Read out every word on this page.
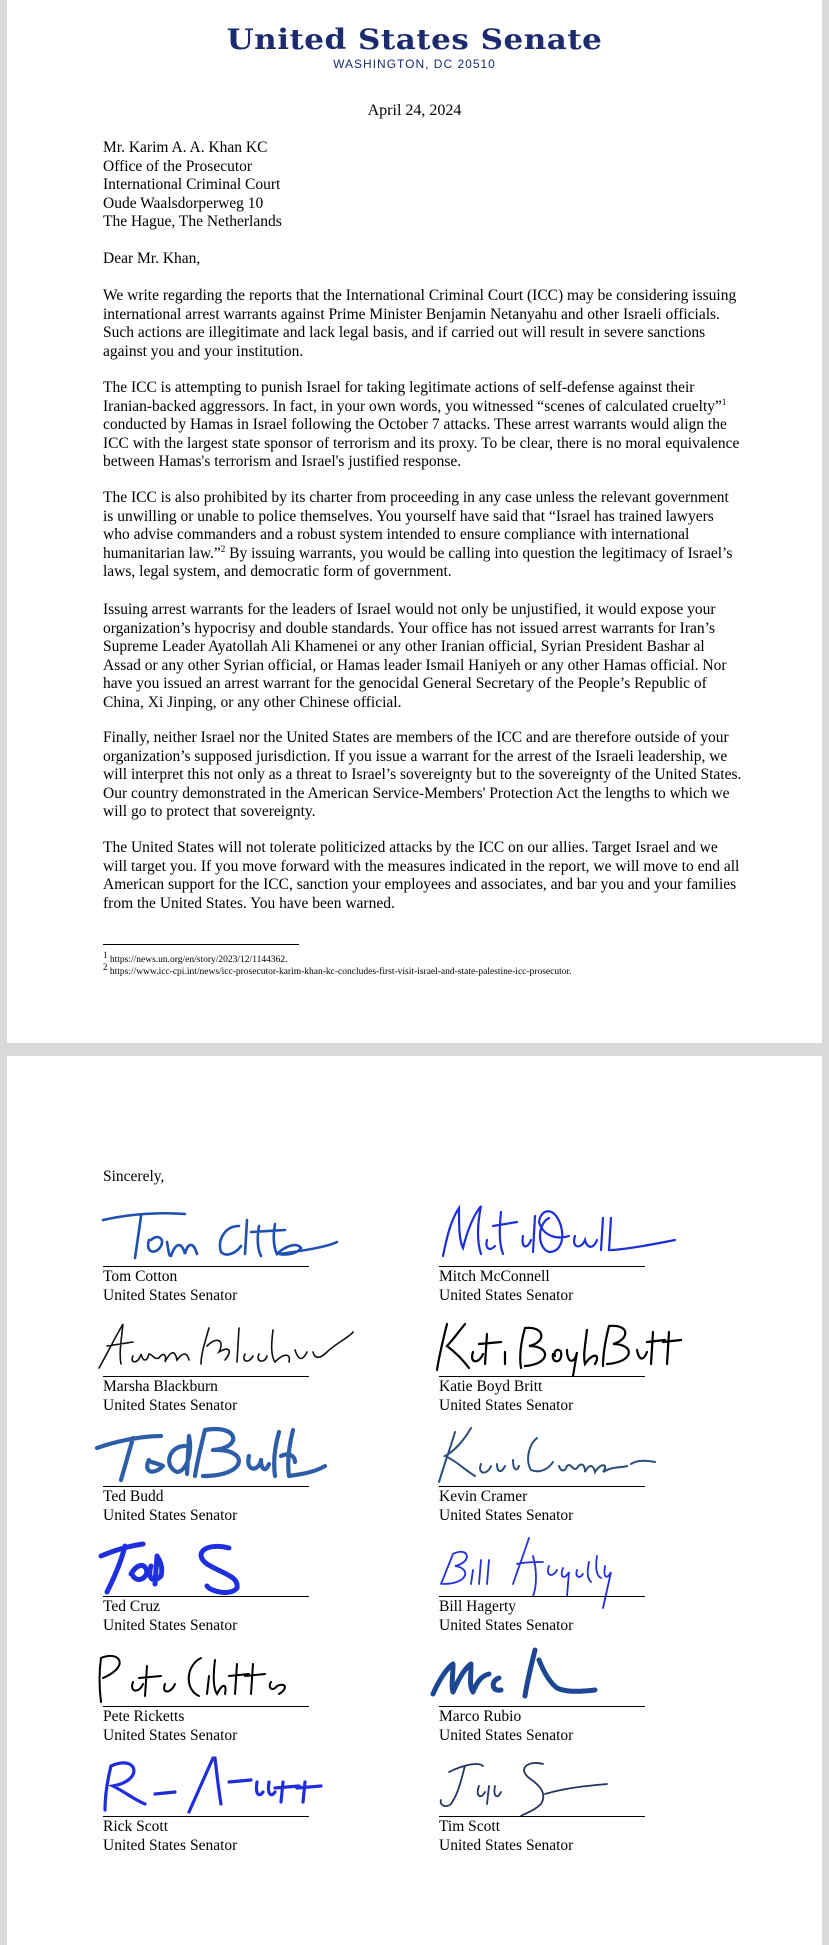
United States Senate
WASHINGTON, DC 20510
April 24, 2024
Mr. Karim A. A. Khan KC
Office of the Prosecutor
International Criminal Court
Oude Waalsdorperweg 10
The Hague, The Netherlands
Dear Mr. Khan,
We write regarding the reports that the International Criminal Court (ICC) may be considering issuing international arrest warrants against Prime Minister Benjamin Netanyahu and other Israeli officials. Such actions are illegitimate and lack legal basis, and if carried out will result in severe sanctions against you and your institution.
The ICC is attempting to punish Israel for taking legitimate actions of self-defense against their Iranian-backed aggressors. In fact, in your own words, you witnessed “scenes of calculated cruelty”$^1$ conducted by Hamas in Israel following the October 7 attacks. These arrest warrants would align the ICC with the largest state sponsor of terrorism and its proxy. To be clear, there is no moral equivalence between Hamas's terrorism and Israel's justified response.
The ICC is also prohibited by its charter from proceeding in any case unless the relevant government is unwilling or unable to police themselves. You yourself have said that “Israel has trained lawyers who advise commanders and a robust system intended to ensure compliance with international humanitarian law.”$^2$ By issuing warrants, you would be calling into question the legitimacy of Israel’s laws, legal system, and democratic form of government.
Issuing arrest warrants for the leaders of Israel would not only be unjustified, it would expose your organization’s hypocrisy and double standards. Your office has not issued arrest warrants for Iran’s Supreme Leader Ayatollah Ali Khamenei or any other Iranian official, Syrian President Bashar al Assad or any other Syrian official, or Hamas leader Ismail Haniyeh or any other Hamas official. Nor have you issued an arrest warrant for the genocidal General Secretary of the People’s Republic of China, Xi Jinping, or any other Chinese official.
Finally, neither Israel nor the United States are members of the ICC and are therefore outside of your organization’s supposed jurisdiction. If you issue a warrant for the arrest of the Israeli leadership, we will interpret this not only as a threat to Israel’s sovereignty but to the sovereignty of the United States. Our country demonstrated in the American Service-Members' Protection Act the lengths to which we will go to protect that sovereignty.
The United States will not tolerate politicized attacks by the ICC on our allies. Target Israel and we will target you. If you move forward with the measures indicated in the report, we will move to end all American support for the ICC, sanction your employees and associates, and bar you and your families from the United States. You have been warned.
$^1$ https://news.un.org/en/story/2023/12/1144362.
$^2$ https://www.icc-cpi.int/news/icc-prosecutor-karim-khan-kc-concludes-first-visit-israel-and-state-palestine-icc-prosecutor.
Sincerely,
Tom Cotton
United States Senator
Mitch McConnell
United States Senator
Marsha Blackburn
United States Senator
Katie Boyd Britt
United States Senator
Ted Budd
United States Senator
Kevin Cramer
United States Senator
Ted Cruz
United States Senator
Bill Hagerty
United States Senator
Pete Ricketts
United States Senator
Marco Rubio
United States Senator
Rick Scott
United States Senator
Tim Scott
United States Senator
